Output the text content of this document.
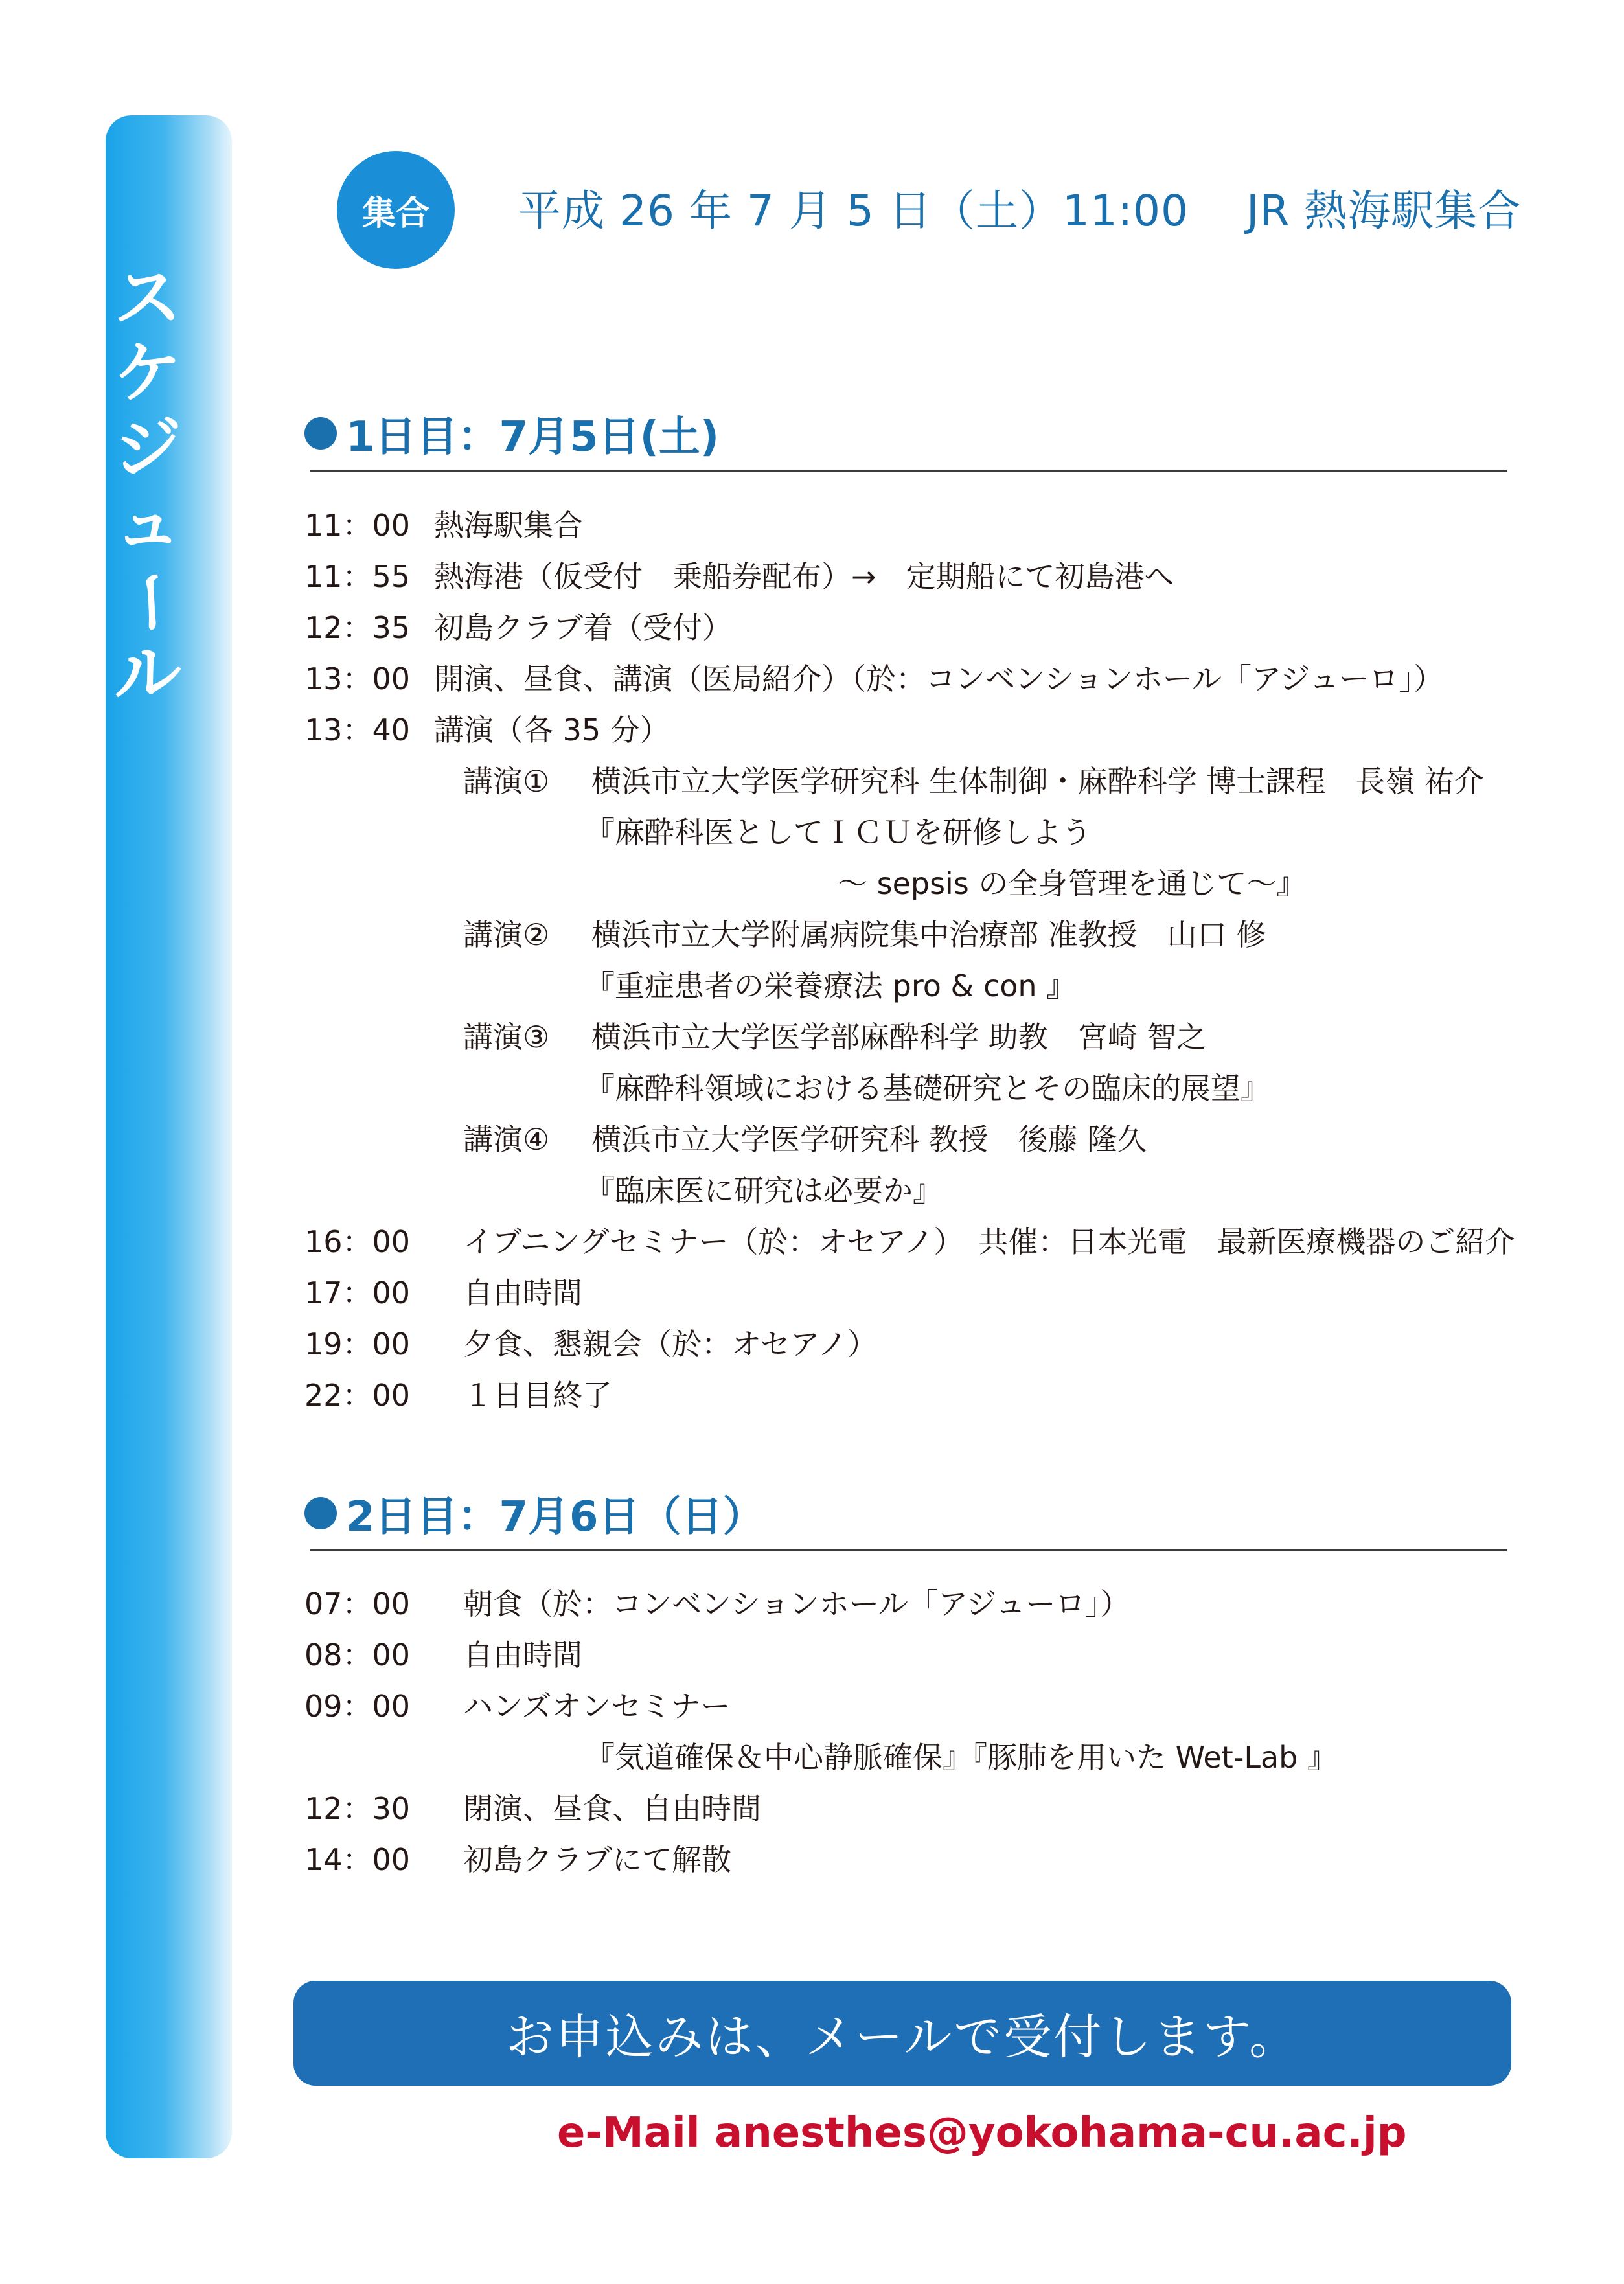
ス
ケ
ジ
ュ
ー
ル
集合	平成 26 年 7 月 5 日（土）11:00　 JR 熱海駅集合
1日目：7月5日(土)
11：00 熱海駅集合
11：55 熱海港（仮受付　乗船券配布）→　定期船にて初島港へ
12：35 初島クラブ着（受付）
13：00 開演、昼食、講演（医局紹介）（於：コンベンションホール「アジューロ」）
13：40 講演（各 35 分）
講演① 横浜市立大学医学研究科 生体制御・麻酔科学 博士課程　長嶺 祐介
『麻酔科医としてＩＣＵを研修しよう
〜 sepsis の全身管理を通じて〜』
講演② 横浜市立大学附属病院集中治療部 准教授　山口 修
『重症患者の栄養療法 pro & con 』
講演③ 横浜市立大学医学部麻酔科学 助教　宮崎 智之
『麻酔科領域における基礎研究とその臨床的展望』
講演④ 横浜市立大学医学研究科 教授　後藤 隆久
『臨床医に研究は必要か』
16：00 イブニングセミナー（於：オセアノ）　共催：日本光電　最新医療機器のご紹介
17：00 自由時間
19：00 夕食、懇親会（於：オセアノ）
22：00 １日目終了
2日目：7月6日（日）
07：00 朝食（於：コンベンションホール「アジューロ」）
08：00 自由時間
09：00 ハンズオンセミナー
『気道確保＆中心静脈確保』『豚肺を用いた Wet-Lab 』
12：30 閉演、昼食、自由時間
14：00 初島クラブにて解散
お申込みは、メールで受付します。
e-Mail anesthes@yokohama-cu.ac.jp
